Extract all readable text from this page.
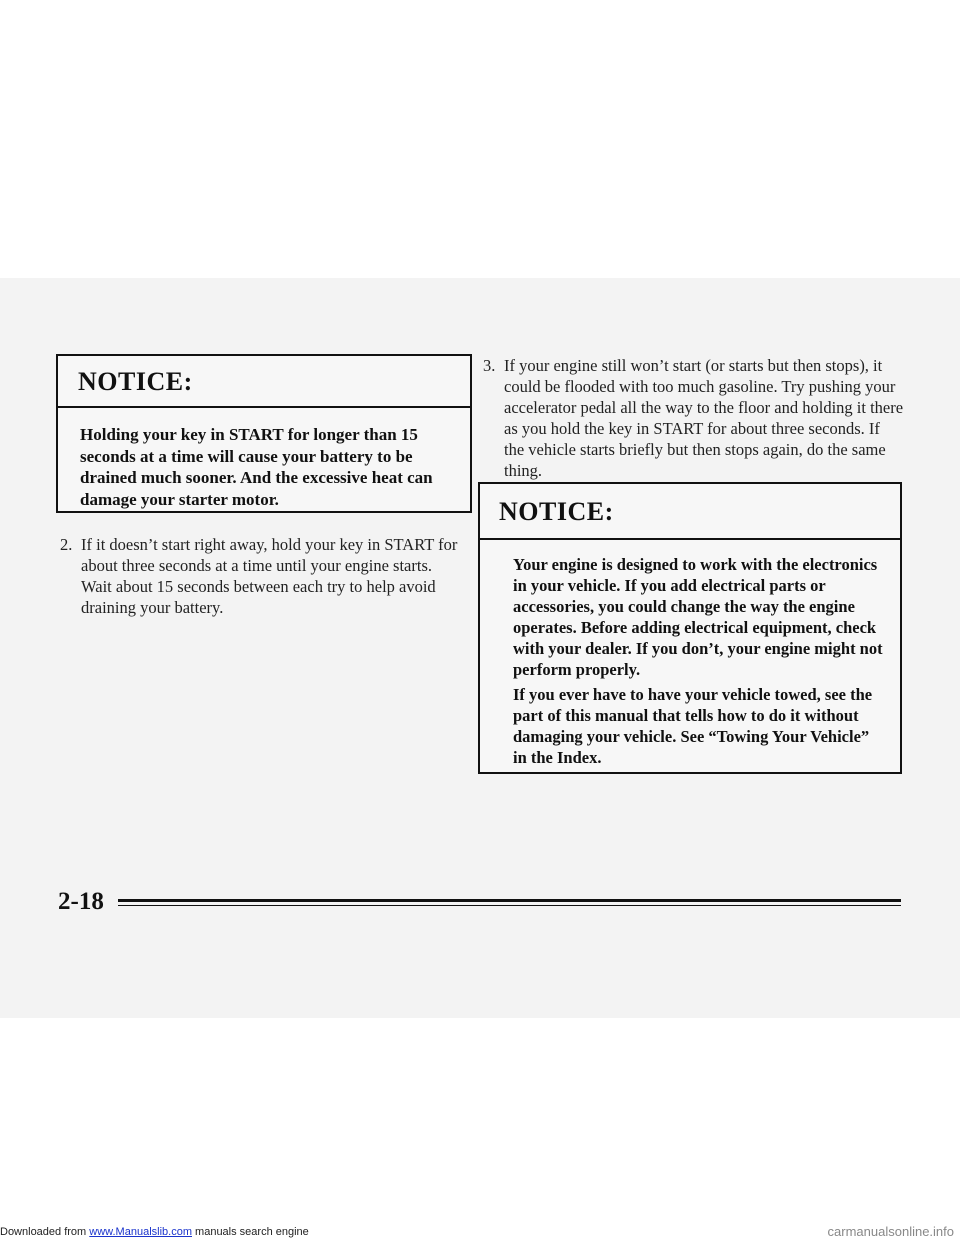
NOTICE:

Holding your key in START for longer than 15 seconds at a time will cause your battery to be drained much sooner. And the excessive heat can damage your starter motor.

2. If it doesn’t start right away, hold your key in START for about three seconds at a time until your engine starts. Wait about 15 seconds between each try to help avoid draining your battery.
3. If your engine still won’t start (or starts but then stops), it could be flooded with too much gasoline. Try pushing your accelerator pedal all the way to the floor and holding it there as you hold the key in START for about three seconds. If the vehicle starts briefly but then stops again, do the same thing.
NOTICE:

Your engine is designed to work with the electronics in your vehicle. If you add electrical parts or accessories, you could change the way the engine operates. Before adding electrical equipment, check with your dealer. If you don’t, your engine might not perform properly.

If you ever have to have your vehicle towed, see the part of this manual that tells how to do it without damaging your vehicle. See “Towing Your Vehicle” in the Index.

2-18
Downloaded from www.Manualslib.com manuals search engine	carmanualsonline.info
